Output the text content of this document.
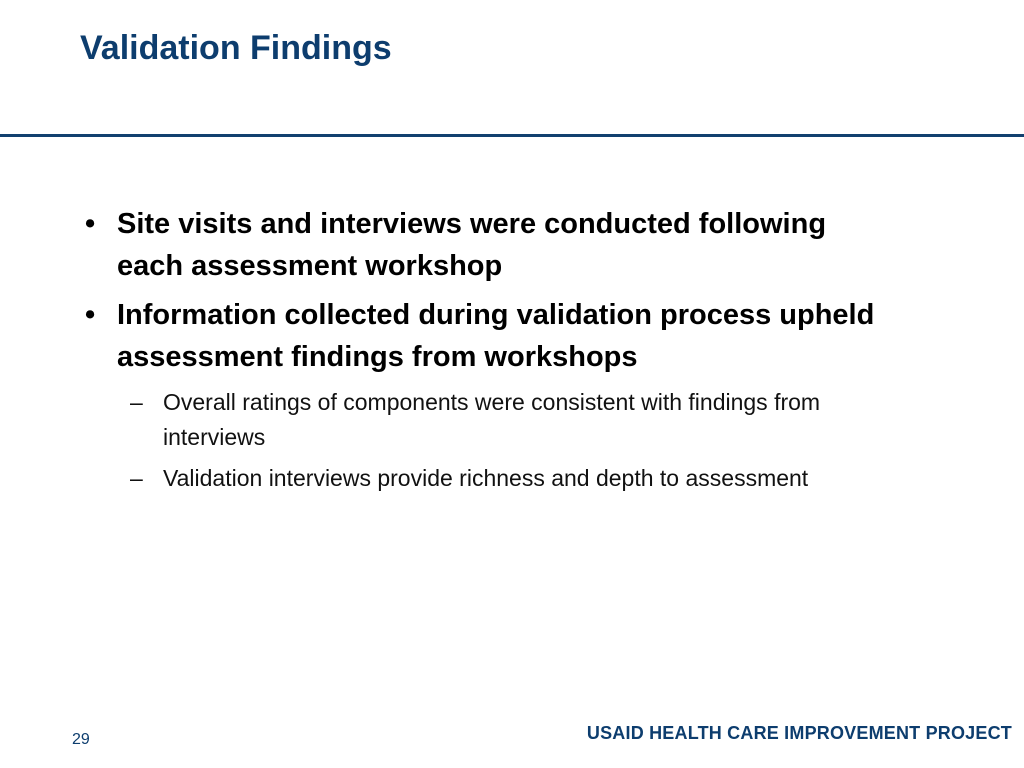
Validation Findings
• Site visits and interviews were conducted following each assessment workshop
• Information collected during validation process upheld assessment findings from workshops
– Overall ratings of components were consistent with findings from interviews
– Validation interviews provide richness and depth to assessment
29	USAID HEALTH CARE IMPROVEMENT PROJECT
